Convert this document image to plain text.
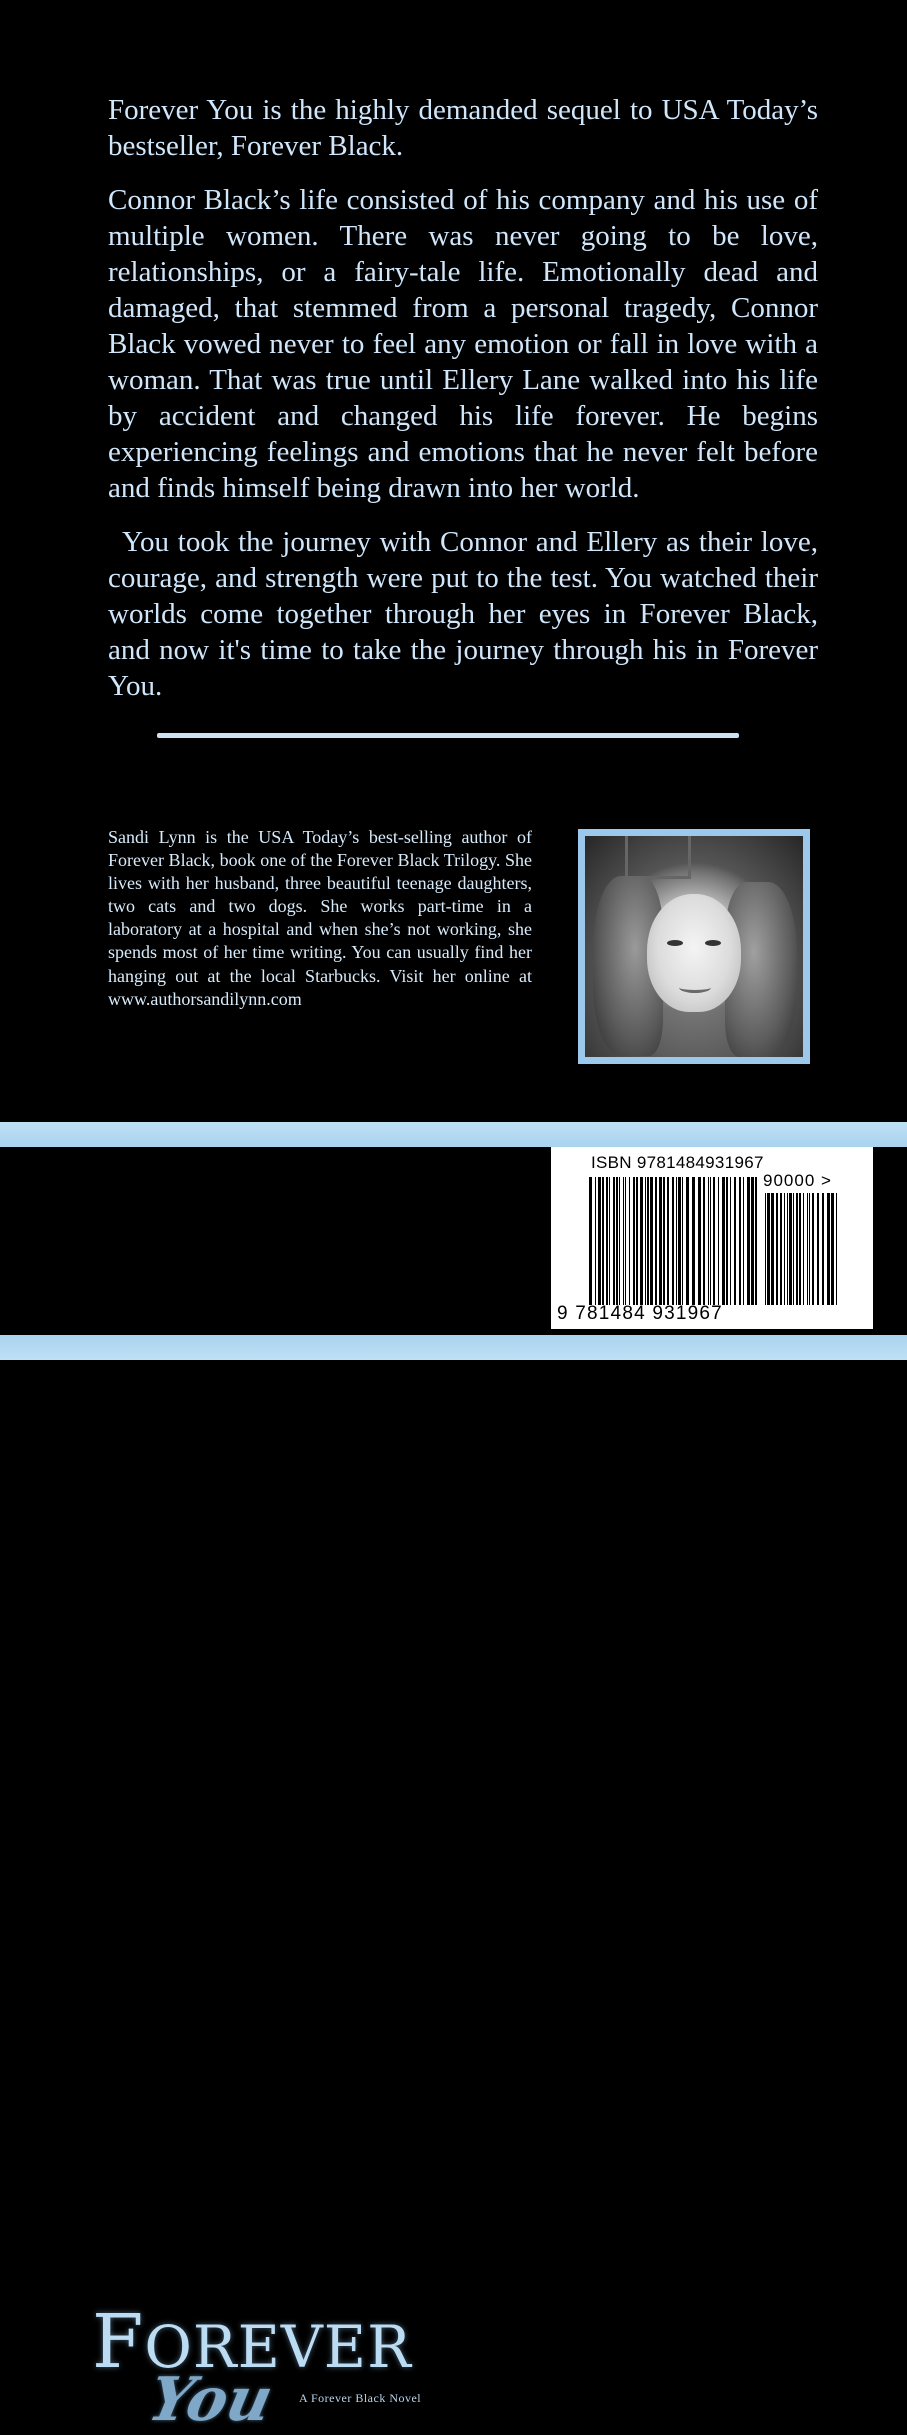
Forever You is the highly demanded sequel to USA Today’s bestseller, Forever Black.

Connor Black’s life consisted of his company and his use of multiple women. There was never going to be love, relationships, or a fairy-tale life. Emotionally dead and damaged, that stemmed from a personal tragedy, Connor Black vowed never to feel any emotion or fall in love with a woman. That was true until Ellery Lane walked into his life by accident and changed his life forever. He begins experiencing feelings and emotions that he never felt before and finds himself being drawn into her world.

You took the journey with Connor and Ellery as their love, courage, and strength were put to the test. You watched their worlds come together through her eyes in Forever Black, and now it's time to take the journey through his in Forever You.

Sandi Lynn is the USA Today’s best-selling author of Forever Black, book one of the Forever Black Trilogy. She lives with her husband, three beautiful teenage daughters, two cats and two dogs. She works part-time in a laboratory at a hospital and when she’s not working, she spends most of her time writing. You can usually find her hanging out at the local Starbucks. Visit her online at www.authorsandilynn.com
FOREVER
You A Forever Black Novel
ISBN 9781484931967
90000 >
9 781484 931967
